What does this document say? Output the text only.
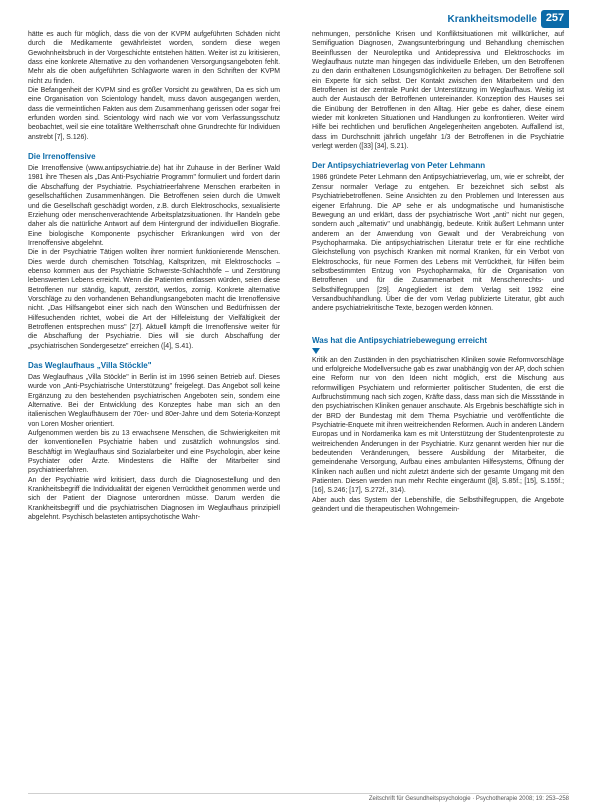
Krankheitsmodelle 257

hätte es auch für möglich, dass die von der KVPM aufgeführten Schäden nicht durch die Medikamente gewährleistet worden, sondern diese wegen Gewohnheitsbruch in der Vorgeschichte entstehen hätten. Weiter ist zu kritisieren, dass eine konkrete Alternative zu den vorhandenen Versorgungsangeboten fehlt. Mehr als die oben aufgeführten Schlagworte waren in den Schriften der KVPM nicht zu finden.

Die Befangenheit der KVPM sind es größer Vorsicht zu gewähren, Da es sich um eine Organisation von Scientology handelt, muss davon ausgegangen werden, dass die vermeintlichen Fakten aus dem Zusammenhang gerissen oder sogar frei erfunden worden sind. Scientology wird nach wie vor vom Verfassungsschutz beobachtet, weil sie eine totalitäre Weltherrschaft ohne Grundrechte für Individuen anstrebt [7], S.126).

Die Irrenoffensive

Die Irrenoffensive (www.antipsychiatrie.de) hat ihr Zuhause in der Berliner Wald 1981 ihre Thesen als „Das Anti-Psychiatrie Programm" formuliert und fordert darin die Abschaffung der Psychiatrie. Psychiatrieerfahrene Menschen erarbeiten in gesellschaftlichen Zusammenhängen. Die Betroffenen seien durch die Umwelt und die Gesellschaft geschädigt worden, z.B. durch Elektroschocks, sexualisierte Erziehung oder menschenverachtende Arbeitsplatzsituationen. Ihr Handeln gebe daher als die natürliche Antwort auf dem Hintergrund der individuellen Biografie. Eine biologische Komponente psychischer Erkrankungen wird von der Irrenoffensive abgelehnt.

Die in der Psychiatrie Tätigen wollten ihrer normiert funktionierende Menschen. Dies werde durch chemischen Totschlag, Kaltspritzen, mit Elektroschocks – ebenso kommen aus der Psychiatrie Schwerste-Schlachthöfe – und Zerstörung lebenswerten Lebens erreicht. Wenn die Patienten entlassen würden, seien diese Betroffenen nur ständig, kaputt, zerstört, wertlos, zornig. Konkrete alternative Vorschläge zu den vorhandenen Behandlungsangeboten macht die Irrenoffensive nicht. „Das Hilfsangebot einer sich nach den Wünschen und Bedürfnissen der Hilfesuchenden richtet, wobei die Art der Hilfeleistung der Vielfältigkeit der Betroffenen entsprechen muss" [27]. Aktuell kämpft die Irrenoffensive weiter für die Abschaffung der Psychiatrie. Dies will sie durch Abschaffung der „psychiatrischen Sondergesetze" erreichen ([4], S.41).

Das Weglaufhaus „Villa Stöckle"

Das Weglaufhaus „Villa Stöckle" in Berlin ist im 1996 seinen Betrieb auf. Dieses wurde von „Anti-Psychiatrische Unterstützung" freigelegt. Das Angebot soll keine Ergänzung zu den bestehenden psychiatrischen Angeboten sein, sondern eine Alternative. Bei der Entwicklung des Konzeptes habe man sich an den italienischen Weglaufhäusern der 70er- und 80er-Jahre und dem Soteria-Konzept von Loren Mosher orientiert.

Aufgenommen werden bis zu 13 erwachsene Menschen, die Schwierigkeiten mit der konventionellen Psychiatrie haben und zusätzlich wohnungslos sind. Beschäftigt im Weglaufhaus sind Sozialarbeiter und eine Psychologin, aber keine Psychiater oder Ärzte. Mindestens die Hälfte der Mitarbeiter sind psychiatrieerfahren.

An der Psychiatrie wird kritisiert, dass durch die Diagnosestellung und den Krankheitsbegriff die Individualität der eigenen Verrücktheit genommen werde und sich der Patient der Diagnose unterordnen müsse. Darum werden die Krankheitsbegriff und die psychiatrischen Diagnosen im Weglaufhaus prinzipiell abgelehnt. Psychisch belasteten antipsychotische Wahr-

nehmungen, persönliche Krisen und Konfliktsituationen mit willkürlicher, auf Semifiguation Diagnosen, Zwangsunterbringung und Behandlung chemischen Beeinflussen der Neuroleptika und Antidepressiva und Elektroschocks im Weglaufhaus nutzte man hingegen das individuelle Erleben, um den Betroffenen zu den darin enthaltenen Lösungsmöglichkeiten zu befragen. Der Betroffene soll ein Experte für sich selbst. Der Kontakt zwischen den Mitarbeitern und den Betroffenen ist der zentrale Punkt der Unterstützung im Weglaufhaus. Weitig ist auch der Austausch der Betroffenen untereinander. Konzeption des Hauses sei die Einübung der Betroffenen in den Alltag. Hier gebe es daher, diese einem wieder mit konkreten Situationen und Handlungen zu konfrontieren. Weiter wird Hilfe bei rechtlichen und beruflichen Angelegenheiten angeboten. Auffallend ist, dass im Durchschnitt jährlich ungefähr 1/3 der Betroffenen in die Psychiatrie verlegt werden ([33] [34], S.21).

Der Antipsychiatrieverlag von Peter Lehmann

1986 gründete Peter Lehmann den Antipsychiatrieverlag, um, wie er schreibt, der Zensur normaler Verlage zu entgehen. Er bezeichnet sich selbst als Psychiatriebetroffenen. Seine Ansichten zu den Problemen und Interessen aus eigener Erfahrung. Die AP sehe er als undogmatische und humanistische Bewegung an und erklärt, dass der psychiatrische Wort „anti" nicht nur gegen, sondern auch „alternativ" und unabhängig, bedeute. Kritik äußert Lehmann unter anderem an der Anwendung von Gewalt und der Verabreichung von Psychopharmaka. Die antipsychiatrischen Literatur trete er für eine rechtliche Gleichstellung von psychisch Kranken mit normal Kranken, für ein Verbot von Elektroschocks, für neue Formen des Lebens mit Verrücktheit, für Hilfen beim selbstbestimmten Entzug von Psychopharmaka, für die Organisation von Betroffenen und für die Zusammenarbeit mit Menschenrechts- und Selbsthilfegruppen [29]. Angegliedert ist dem Verlag seit 1992 eine Versandbuchhandlung. Über die der vom Verlag publizierte Literatur, gibt auch andere psychiatriekritische Texte, bezogen werden können.

Was hat die Antipsychiatriebewegung erreicht

Kritik an den Zuständen in den psychiatrischen Kliniken sowie Reformvorschläge und erfolgreiche Modellversuche gab es zwar unabhängig von der AP, doch schien eine Reform nur von den Ideen nicht möglich, erst die Mischung aus reformwilligen Psychiatern und reformierter politischer Studenten, die erst die Aufbruchstimmung nach sich zogen, Kräfte dass, dass man sich die Missstände in den psychiatrischen Kliniken genauer anschaute. Als Ergebnis beschäftigte sich in der BRD der Bundestag mit dem Thema Psychiatrie und veröffentlichte die Psychiatrie-Enquete mit ihren weitreichenden Reformen. Auch in anderen Ländern Europas und in Nordamerika kam es mit Unterstützung der Studentenproteste zu weitreichenden Änderungen in der Psychiatrie. Kurz genannt werden hier nur die bedeutenden Veränderungen, bessere Ausbildung der Mitarbeiter, die gemeindenahe Versorgung, Aufbau eines ambulanten Hilfesystems, Öffnung der Kliniken nach außen und nicht zuletzt änderte sich der gesamte Umgang mit den Patienten. Diesen werden nun mehr Rechte eingeräumt ([8], S.85f.; [15], S.155f.; [16], S.246; [17], S.272f., 314).

Aber auch das System der Lebenshilfe, die Selbsthilfegruppen, die Angebote geändert und die therapeutischen Wohngemein-

Zeitschrift für Gesundheitspsychologie · Psychotherapie 2008; 19: 253–258
